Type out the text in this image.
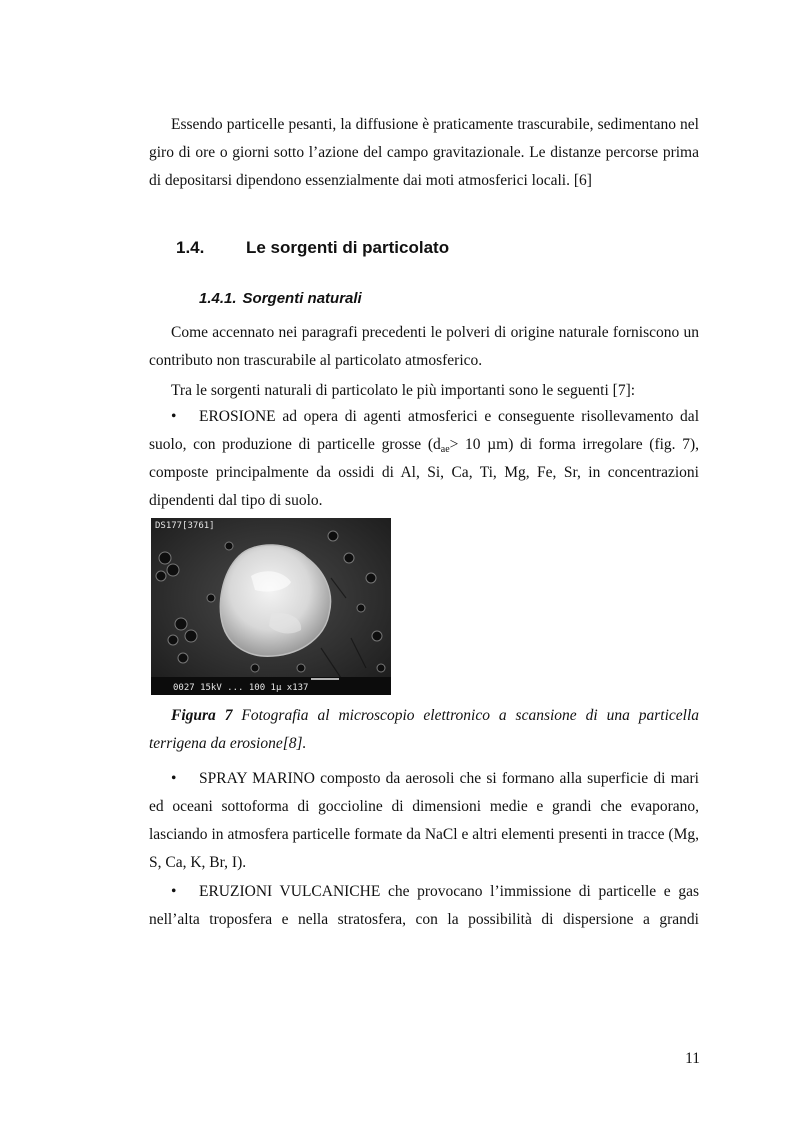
Essendo particelle pesanti, la diffusione è praticamente trascurabile, sedimentano nel giro di ore o giorni sotto l’azione del campo gravitazionale. Le distanze percorse prima di depositarsi dipendono essenzialmente dai moti atmosferici locali. [6]
1.4. Le sorgenti di particolato
1.4.1. Sorgenti naturali
Come accennato nei paragrafi precedenti le polveri di origine naturale forniscono un contributo non trascurabile al particolato atmosferico.
Tra le sorgenti naturali di particolato le più importanti sono le seguenti [7]:
• EROSIONE ad opera di agenti atmosferici e conseguente risollevamento dal suolo, con produzione di particelle grosse ($d_{ae}> 10$ µm) di forma irregolare (fig. 7), composte principalmente da ossidi di Al, Si, Ca, Ti, Mg, Fe, Sr, in concentrazioni dipendenti dal tipo di suolo.
DS177[3761]
0027 15kV ... 100 1µ x137
Figura 7 Fotografia al microscopio elettronico a scansione di una particella terrigena da erosione[8].
• SPRAY MARINO composto da aerosoli che si formano alla superficie di mari ed oceani sottoforma di goccioline di dimensioni medie e grandi che evaporano, lasciando in atmosfera particelle formate da NaCl e altri elementi presenti in tracce (Mg, S, Ca, K, Br, I).
• ERUZIONI VULCANICHE che provocano l’immissione di particelle e gas nell’alta troposfera e nella stratosfera, con la possibilità di dispersione a grandi
11
